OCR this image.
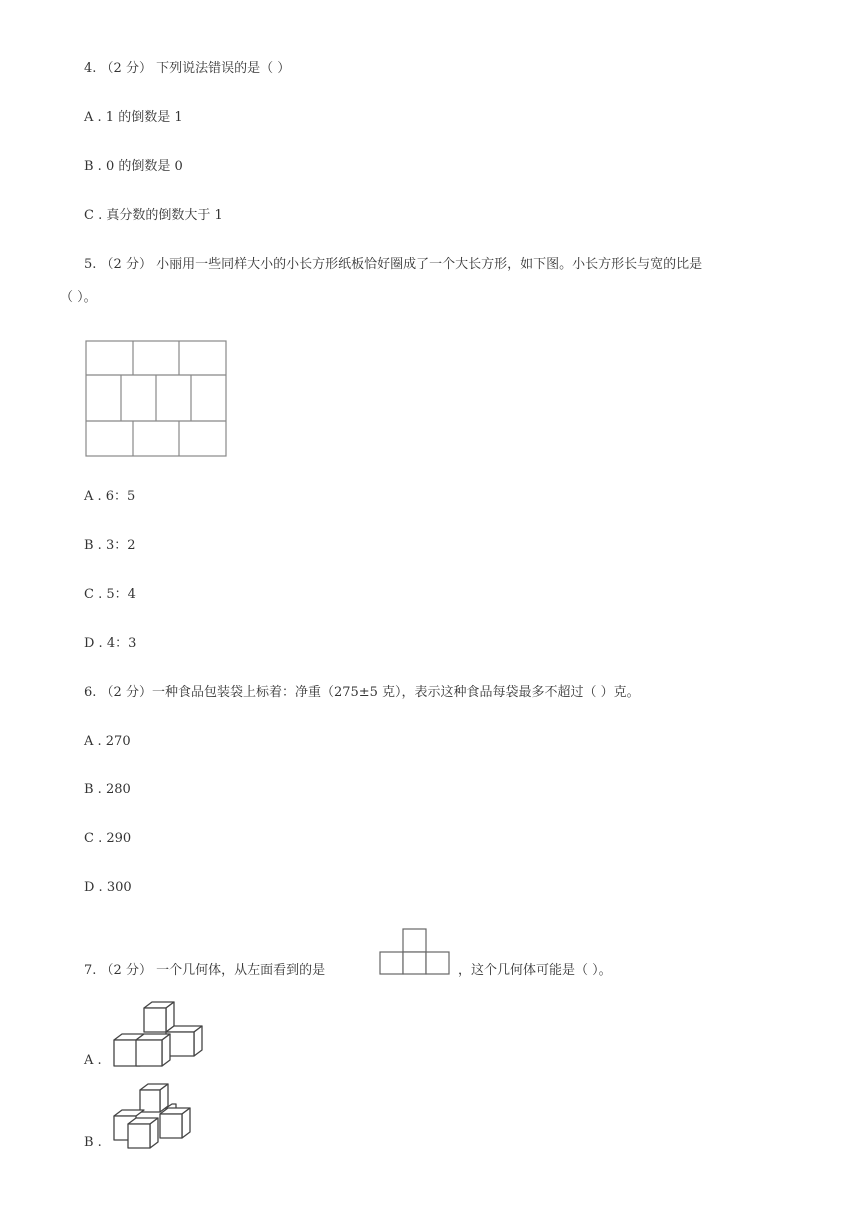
4. （2 分） 下列说法错误的是（ ）
A . 1 的倒数是 1
B . 0 的倒数是 0
C . 真分数的倒数大于 1
5. （2 分） 小丽用一些同样大小的小长方形纸板恰好圈成了一个大长方形，如下图。小长方形长与宽的比是
（ ）。
A . 6：5
B . 3：2
C . 5：4
D . 4：3
6. （2 分）一种食品包装袋上标着：净重（275±5 克），表示这种食品每袋最多不超过（ ）克。
A . 270
B . 280
C . 290
D . 300
7. （2 分） 一个几何体，从左面看到的是	，这个几何体可能是（ ）。
A .
B .
